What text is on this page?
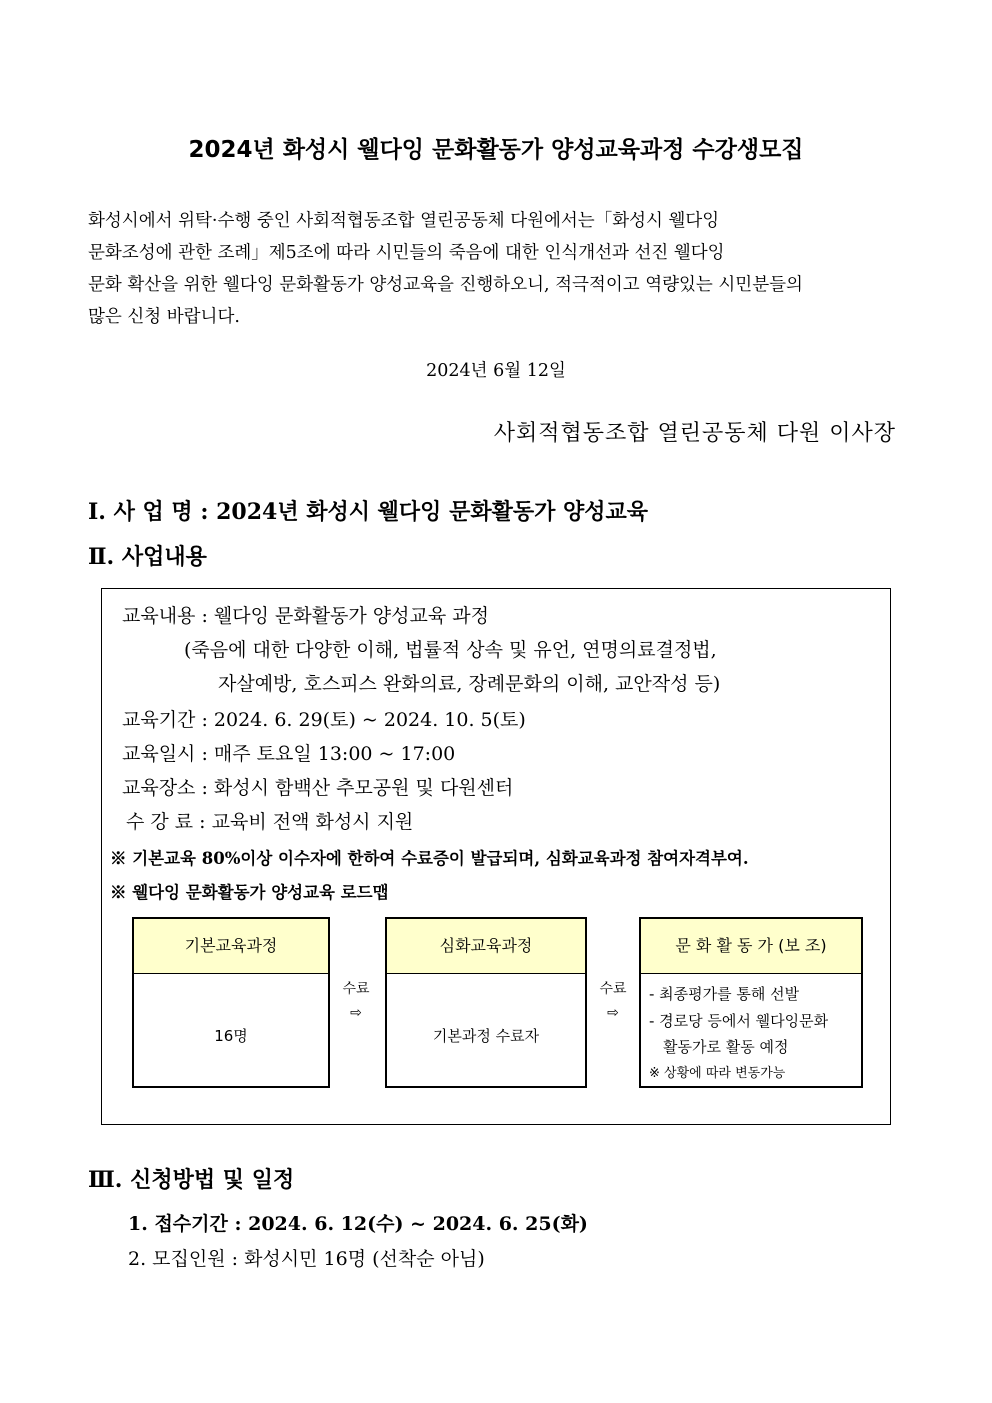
2024년 화성시 웰다잉 문화활동가 양성교육과정 수강생모집
화성시에서 위탁·수행 중인 사회적협동조합 열린공동체 다원에서는「화성시 웰다잉
문화조성에 관한 조례」제5조에 따라 시민들의 죽음에 대한 인식개선과 선진 웰다잉
문화 확산을 위한 웰다잉 문화활동가 양성교육을 진행하오니, 적극적이고 역량있는 시민분들의
많은 신청 바랍니다.
2024년 6월 12일
사회적협동조합 열린공동체 다원 이사장
Ⅰ. 사 업 명 : 2024년 화성시 웰다잉 문화활동가 양성교육
Ⅱ. 사업내용
교육내용 : 웰다잉 문화활동가 양성교육 과정
(죽음에 대한 다양한 이해, 법률적 상속 및 유언, 연명의료결정법,
자살예방, 호스피스 완화의료, 장례문화의 이해, 교안작성 등)
교육기간 : 2024. 6. 29(토) ~ 2024. 10. 5(토)
교육일시 : 매주 토요일 13:00 ~ 17:00
교육장소 : 화성시 함백산 추모공원 및 다원센터
수 강 료 : 교육비 전액 화성시 지원
※ 기본교육 80%이상 이수자에 한하여 수료증이 발급되며, 심화교육과정 참여자격부여.
※ 웰다잉 문화활동가 양성교육 로드맵
기본교육과정
16명
수료
⇨
심화교육과정
기본과정 수료자
수료
⇨
문 화 활 동 가 (보 조)
- 최종평가를 통해 선발
- 경로당 등에서 웰다잉문화
활동가로 활동 예정
※ 상황에 따라 변동가능
Ⅲ. 신청방법 및 일정
1. 접수기간 : 2024. 6. 12(수) ~ 2024. 6. 25(화)
2. 모집인원 : 화성시민 16명 (선착순 아님)
